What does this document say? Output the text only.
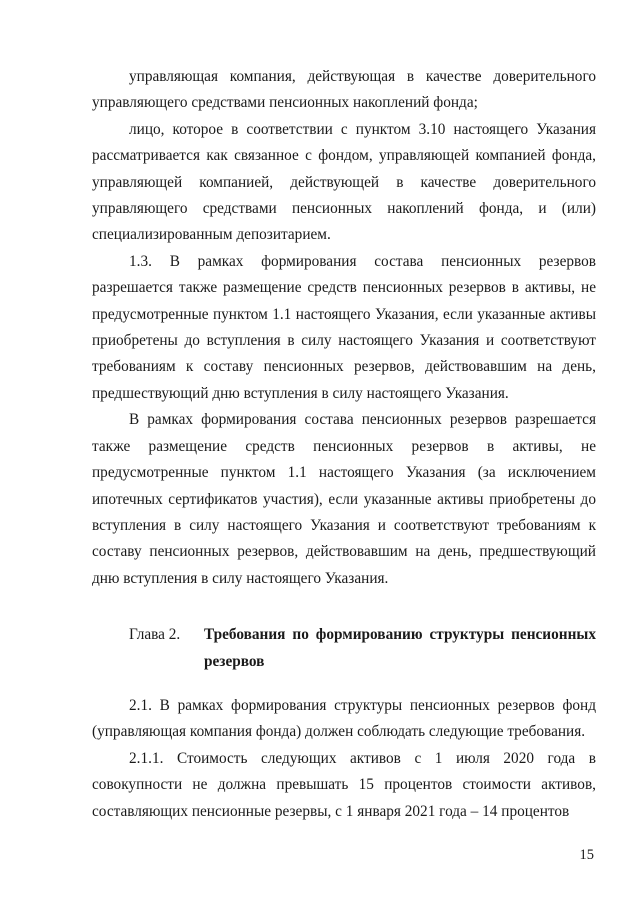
управляющая компания, действующая в качестве доверительного управляющего средствами пенсионных накоплений фонда;

лицо, которое в соответствии с пунктом 3.10 настоящего Указания рассматривается как связанное с фондом, управляющей компанией фонда, управляющей компанией, действующей в качестве доверительного управляющего средствами пенсионных накоплений фонда, и (или) специализированным депозитарием.

1.3. В рамках формирования состава пенсионных резервов разрешается также размещение средств пенсионных резервов в активы, не предусмотренные пунктом 1.1 настоящего Указания, если указанные активы приобретены до вступления в силу настоящего Указания и соответствуют требованиям к составу пенсионных резервов, действовавшим на день, предшествующий дню вступления в силу настоящего Указания.

В рамках формирования состава пенсионных резервов разрешается также размещение средств пенсионных резервов в активы, не предусмотренные пунктом 1.1 настоящего Указания (за исключением ипотечных сертификатов участия), если указанные активы приобретены до вступления в силу настоящего Указания и соответствуют требованиям к составу пенсионных резервов, действовавшим на день, предшествующий дню вступления в силу настоящего Указания.

Глава 2. Требования по формированию структуры пенсионных резервов

2.1. В рамках формирования структуры пенсионных резервов фонд (управляющая компания фонда) должен соблюдать следующие требования.

2.1.1. Стоимость следующих активов с 1 июля 2020 года в совокупности не должна превышать 15 процентов стоимости активов, составляющих пенсионные резервы, с 1 января 2021 года – 14 процентов

15
